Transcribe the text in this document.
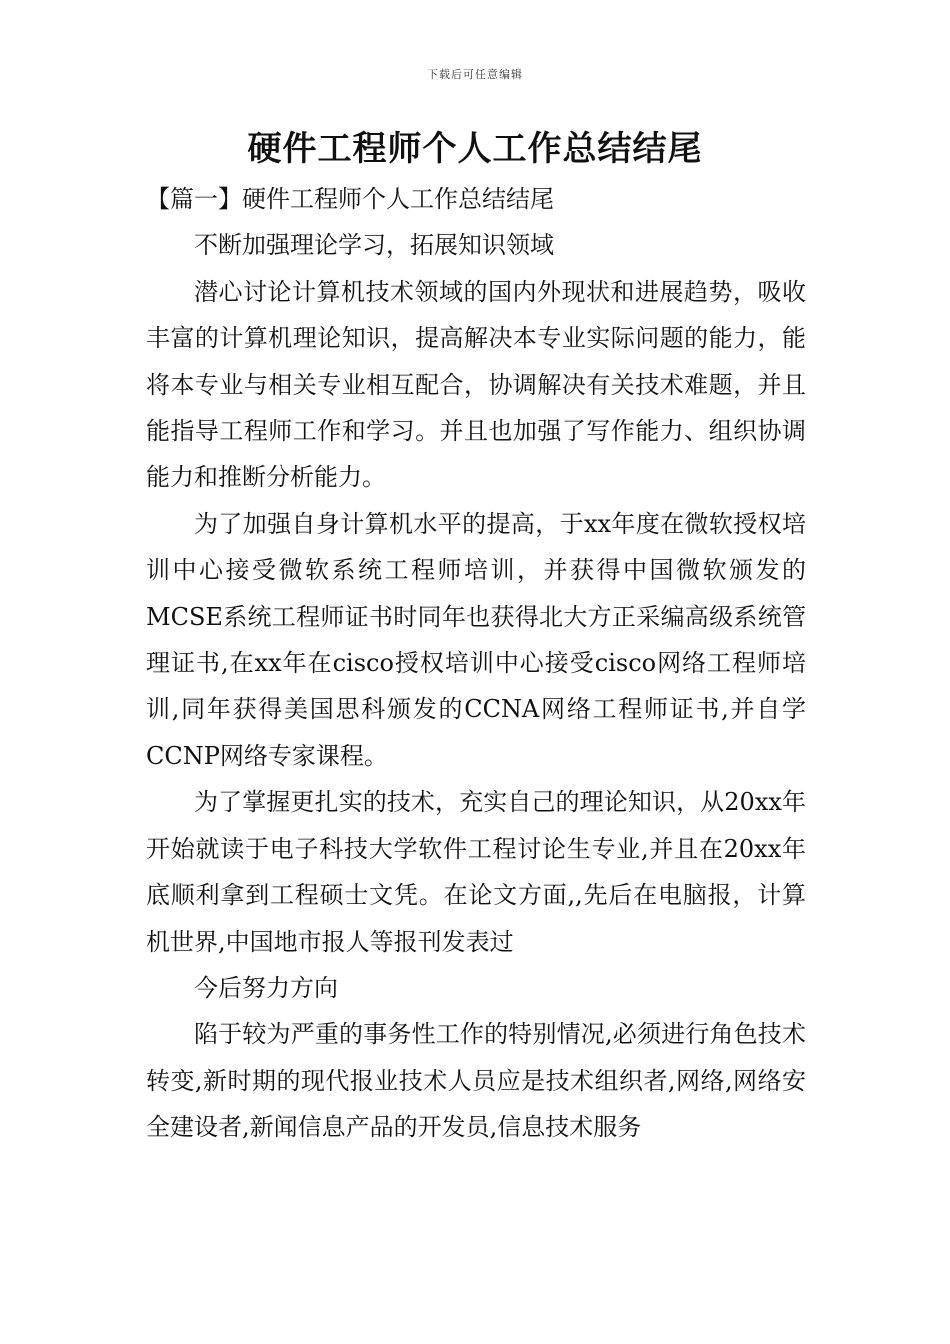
下载后可任意编辑
硬件工程师个人工作总结结尾

【篇一】硬件工程师个人工作总结结尾

不断加强理论学习，拓展知识领域

潜心讨论计算机技术领域的国内外现状和进展趋势，吸收丰富的计算机理论知识，提高解决本专业实际问题的能力，能将本专业与相关专业相互配合，协调解决有关技术难题，并且能指导工程师工作和学习。并且也加强了写作能力、组织协调能力和推断分析能力。

为了加强自身计算机水平的提高，于xx年度在微软授权培训中心接受微软系统工程师培训，并获得中国微软颁发的MCSE系统工程师证书时同年也获得北大方正采编高级系统管理证书,在xx年在cisco授权培训中心接受cisco网络工程师培训,同年获得美国思科颁发的CCNA网络工程师证书,并自学CCNP网络专家课程。

为了掌握更扎实的技术，充实自己的理论知识，从20xx年开始就读于电子科技大学软件工程讨论生专业,并且在20xx年底顺利拿到工程硕士文凭。在论文方面,,先后在电脑报，计算机世界,中国地市报人等报刊发表过

今后努力方向

陷于较为严重的事务性工作的特别情况,必须进行角色技术转变,新时期的现代报业技术人员应是技术组织者,网络,网络安全建设者,新闻信息产品的开发员,信息技术服务
